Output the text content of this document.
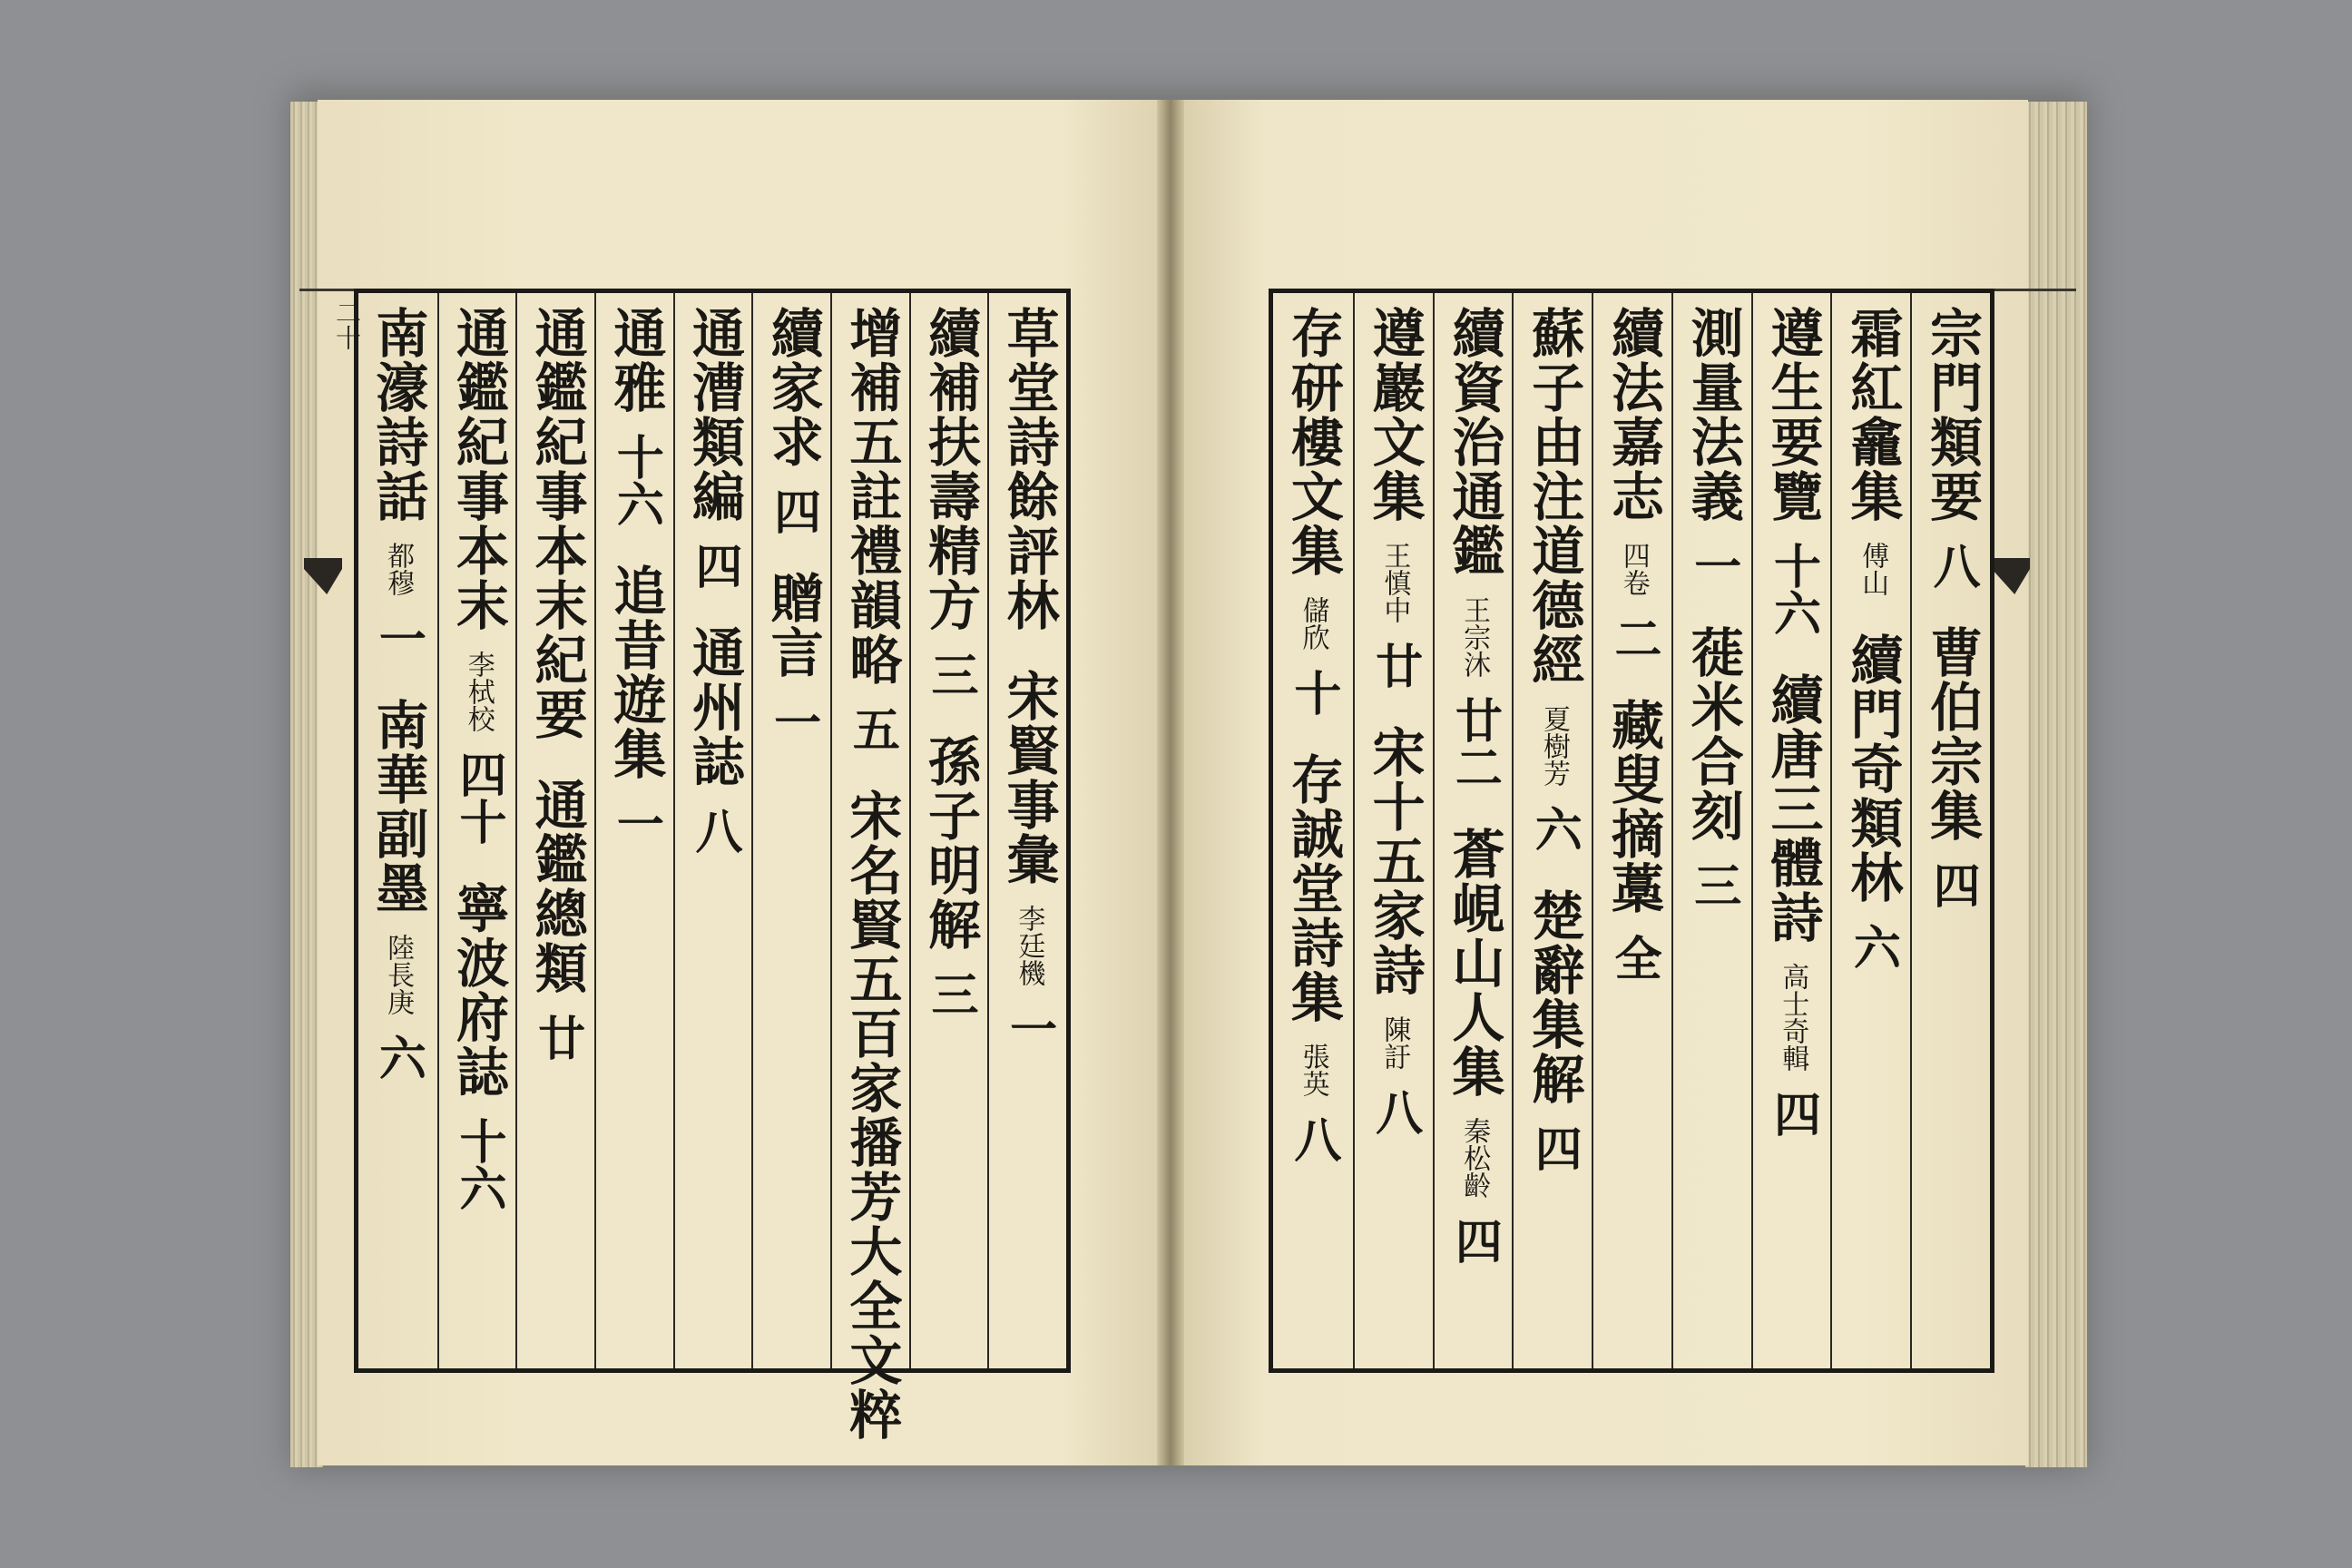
二十	草堂詩餘評林
宋賢事彙
李廷機
一
續補扶壽精方
三
孫子明解
三
增補五註禮韻略
五
宋名賢五百家播芳大全文粹
續家求
四
贈言
一
通漕類編
四
通州誌
八
通雅
十六
追昔遊集
一
通鑑紀事本末紀要
通鑑總類
廿
通鑑紀事本末
李栻校
四十
寧波府誌
十六
南濠詩話
都穆
一
南華副墨
陸長庚
六
宗門類要
八
曹伯宗集
四
霜紅龕集
傅山
續門奇類林
六
遵生要覽
十六
續唐三體詩
高士奇輯
四
測量法義
一
蓰米合刻
三
續法嘉志
四卷
二
藏叟摘藁
全
蘇子由注道德經
夏樹芳
六
楚辭集解
四
續資治通鑑
王宗沐
廿二
蒼峴山人集
秦松齡
四
遵巖文集
王慎中
廿
宋十五家詩
陳訏
八
存研樓文集
儲欣
十
存誠堂詩集
張英
八
